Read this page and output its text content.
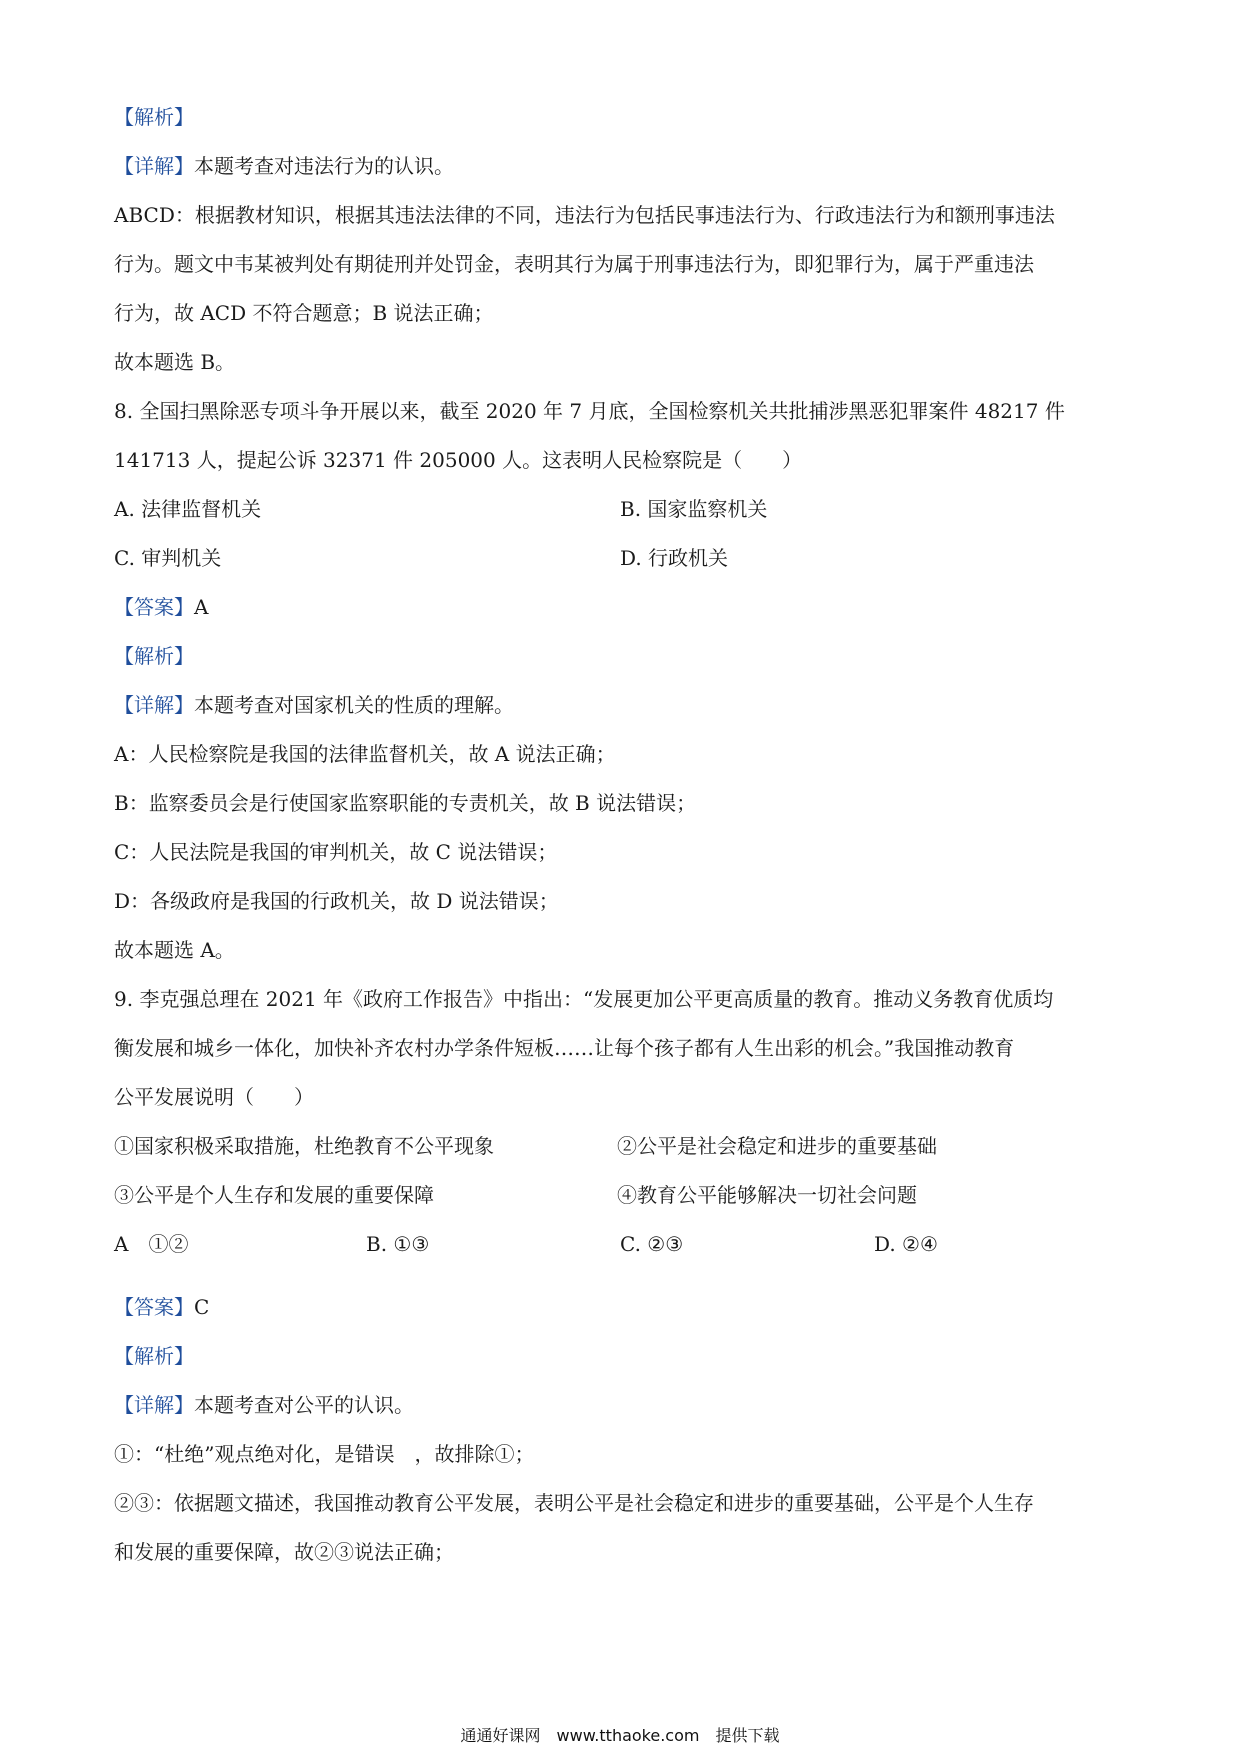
【解析】
【详解】本题考查对违法行为的认识。
ABCD：根据教材知识，根据其违法法律的不同，违法行为包括民事违法行为、行政违法行为和额刑事违法
行为。题文中韦某被判处有期徒刑并处罚金，表明其行为属于刑事违法行为，即犯罪行为，属于严重违法
行为，故 ACD 不符合题意；B 说法正确；
故本题选 B。
8. 全国扫黑除恶专项斗争开展以来，截至 2020 年 7 月底，全国检察机关共批捕涉黑恶犯罪案件 48217 件
141713 人，提起公诉 32371 件 205000 人。这表明人民检察院是（　　）
A. 法律监督机关	B. 国家监察机关
C. 审判机关	D. 行政机关
【答案】A
【解析】
【详解】本题考查对国家机关的性质的理解。
A：人民检察院是我国的法律监督机关，故 A 说法正确；
B：监察委员会是行使国家监察职能的专责机关，故 B 说法错误；
C：人民法院是我国的审判机关，故 C 说法错误；
D：各级政府是我国的行政机关，故 D 说法错误；
故本题选 A。
9. 李克强总理在 2021 年《政府工作报告》中指出：“发展更加公平更高质量的教育。推动义务教育优质均
衡发展和城乡一体化，加快补齐农村办学条件短板……让每个孩子都有人生出彩的机会。”我国推动教育
公平发展说明（　　）
①国家积极采取措施，杜绝教育不公平现象	②公平是社会稳定和进步的重要基础
③公平是个人生存和发展的重要保障	④教育公平能够解决一切社会问题
A　①②	B. ①③	C. ②③	D. ②④
【答案】C
【解析】
【详解】本题考查对公平的认识。
①：“杜绝”观点绝对化，是错误　，故排除①；
②③：依据题文描述，我国推动教育公平发展，表明公平是社会稳定和进步的重要基础，公平是个人生存
和发展的重要保障，故②③说法正确；
通通好课网　www.tthaoke.com　提供下载
